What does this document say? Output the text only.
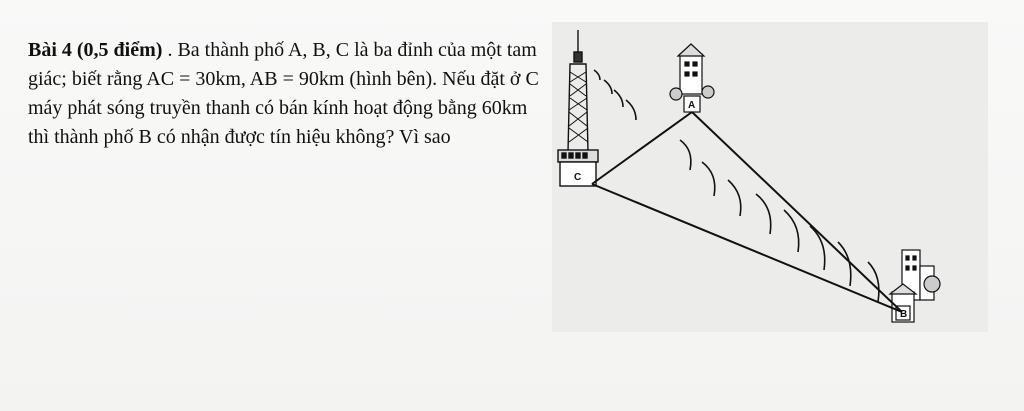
Bài 4 (0,5 điểm) . Ba thành phố A, B, C là ba đỉnh của một tam giác; biết rằng AC = 30km, AB = 90km (hình bên). Nếu đặt ở C máy phát sóng truyền thanh có bán kính hoạt động bằng 60km thì thành phố B có nhận được tín hiệu không? Vì sao

C
A
B
